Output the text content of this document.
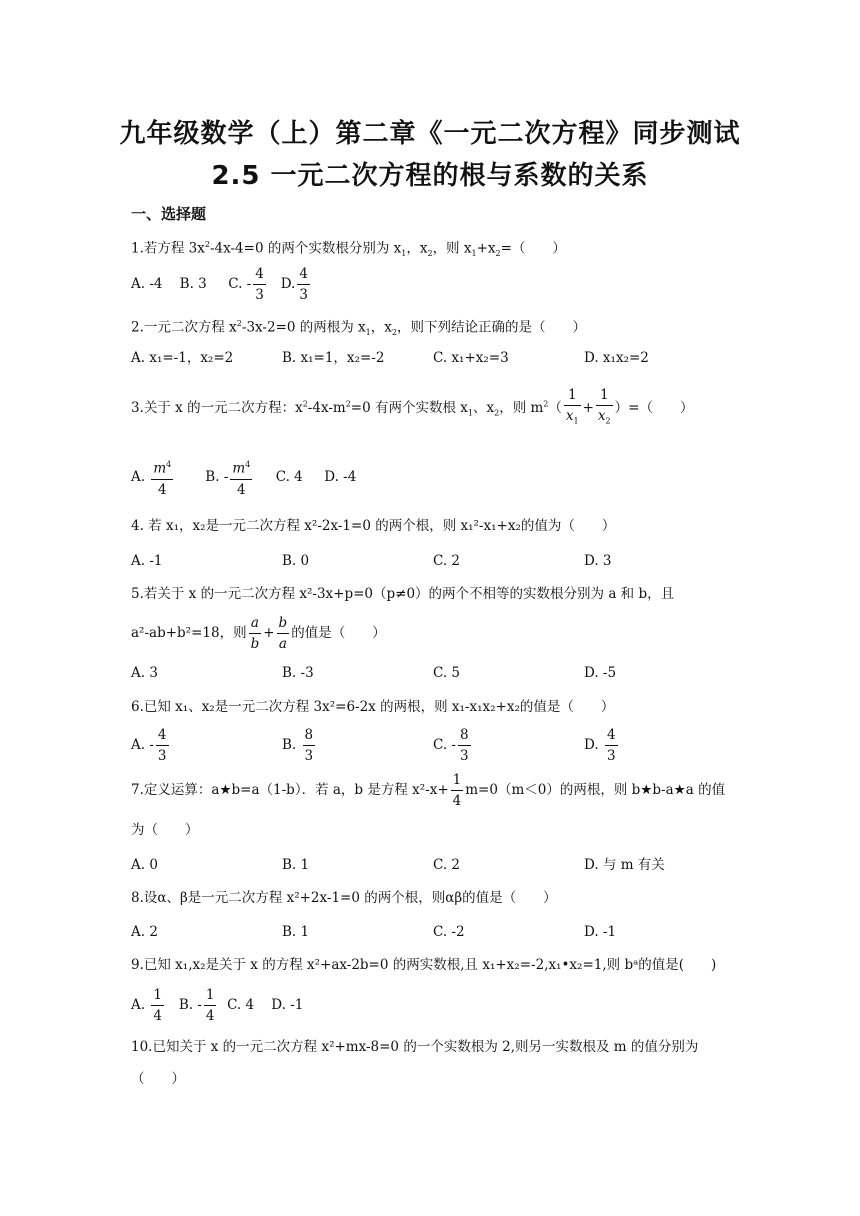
九年级数学（上）第二章《一元二次方程》同步测试
2.5 一元二次方程的根与系数的关系
一、选择题
1.若方程 $3x^2-4x-4=0$ 的两个实数根分别为 $x_1$，$x_2$，则 $x_1+x_2=$（　　）
A. -4 B. 3 C. - $\frac{4}{3} D$. $\frac{4}{3}$
2.一元二次方程 $x^2-3x-2=0$ 的两根为 $x_1$，$x_2$，则下列结论正确的是（　　）
A. x₁=-1，x₂=2	B. x₁=1，x₂=-2	C. x₁+x₂=3	D. x₁x₂=2
3.关于 x 的一元二次方程：$x^2-4x-m^2=0$ 有两个实数根 $x_1$、$x_2$，则 $m^2( \frac{1}{x_1} + \frac{1}{x_2}$ ）=（　　）
A. $\frac{m^4}{4} B$. - $\frac{m^4}{4} C$. 4 D. -4
4. 若 x₁，x₂是一元二次方程 x²-2x-1=0 的两个根，则 x₁²-x₁+x₂的值为（　　）
A. -1	B. 0	C. 2	D. 3
5.若关于 x 的一元二次方程 x²-3x+p=0（p≠0）的两个不相等的实数根分别为 a 和 b，且
a²-ab+b²=18，则 $\frac{a}{b} + \frac{b}{a}$ 的值是（　　）
A. 3	B. -3	C. 5	D. -5
6.已知 x₁、x₂是一元二次方程 3x²=6-2x 的两根，则 x₁-x₁x₂+x₂的值是（　　）
A. - $\frac{4}{3}$	B. $\frac{8}{3}$	C. - $\frac{8}{3}$	D. $\frac{4}{3}$
7.定义运算：a★b=a（1-b）．若 a，b 是方程 $x^2-x+ \frac{1}{4} m=0(m<0)$的两根，则 b★b-a★a 的值
为（　　）
A. 0	B. 1	C. 2	D. 与 m 有关
8.设α、β是一元二次方程 x²+2x-1=0 的两个根，则αβ的值是（　　）
A. 2	B. 1	C. -2	D. -1
9.已知 x₁,x₂是关于 x 的方程 x²+ax-2b=0 的两实数根,且 x₁+x₂=-2,x₁•x₂=1,则 bᵃ的值是(　　)
A. $\frac{1}{4} B$. - $\frac{1}{4} C$. 4 D. -1
10.已知关于 x 的一元二次方程 x²+mx-8=0 的一个实数根为 2,则另一实数根及 m 的值分别为
（　　）
